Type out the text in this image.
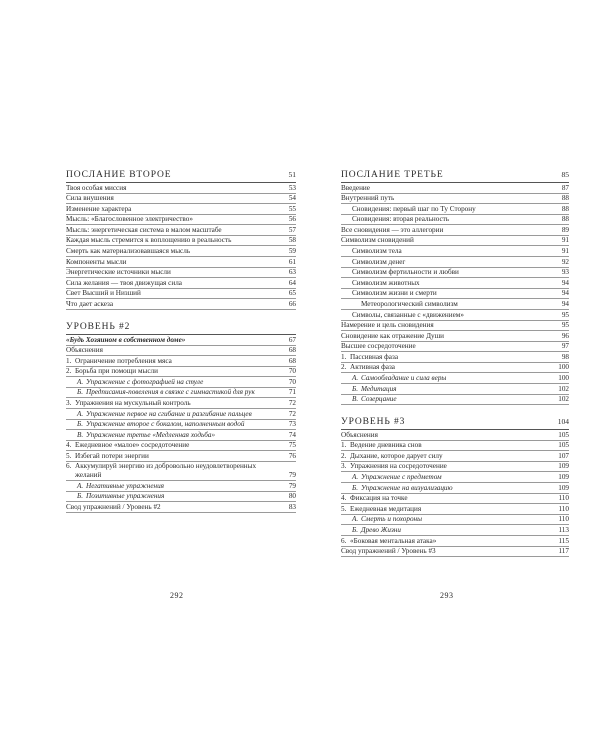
ПОСЛАНИЕ ВТОРОЕ	51
Твоя особая миссия	53
Сила внушения	54
Изменение характера	55
Мысль: «Благословенное электричество»	56
Мысль: энергетическая система в малом масштабе	57
Каждая мысль стремится к воплощению в реальность	58
Смерть как материализовавшаяся мысль	59
Компоненты мысли	61
Энергетические источники мысли	63
Сила желания — твоя движущая сила	64
Свет Высший и Низший	65
Что дает аскеза	66
УРОВЕНЬ #2
«Будь Хозяином в собственном доме»	67
Объяснения	68
1. Ограничение потребления мяса	68
2. Борьба при помощи мысли	70
А. Упражнение с фотографией на стуле	70
Б. Предписания-повеления в связке с гимнастикой для рук	71
3. Упражнения на мускульный контроль	72
А. Упражнение первое на сгибание и разгибание пальцев	72
Б. Упражнение второе с бокалом, наполненным водой	73
В. Упражнение третье «Медленная ходьба»	74
4. Ежедневное «малое» сосредоточение	75
5. Избегай потери энергии	76
6. Аккумулируй энергию из добровольно неудовлетворенных желаний	79
А. Негативные упражнения	79
Б. Позитивные упражнения	80
Свод упражнений / Уровень #2	83
ПОСЛАНИЕ ТРЕТЬЕ	85
Введение	87
Внутренний путь	88
Сновидения: первый шаг по Ту Сторону	88
Сновидения: вторая реальность	88
Все сновидения — это аллегории	89
Символизм сновидений	91
Символизм тела	91
Символизм денег	92
Символизм фертильности и любви	93
Символизм животных	94
Символизм жизни и смерти	94
Метеорологический символизм	94
Символы, связанные с «движением»	95
Намерение и цель сновидения	95
Сновидение как отражение Души	96
Высшее сосредоточение	97
1. Пассивная фаза	98
2. Активная фаза	100
А. Самообладание и сила веры	100
Б. Медитация	102
В. Созерцание	102
УРОВЕНЬ #3	104
Объяснения	105
1. Ведение дневника снов	105
2. Дыхание, которое дарует силу	107
3. Упражнения на сосредоточение	109
А. Упражнение с предметом	109
Б. Упражнение на визуализацию	109
4. Фиксация на точке	110
5. Ежедневная медитация	110
А. Смерть и похороны	110
Б. Древо Жизни	113
6. «Боковая ментальная атака»	115
Свод упражнений / Уровень #3	117
292	293
